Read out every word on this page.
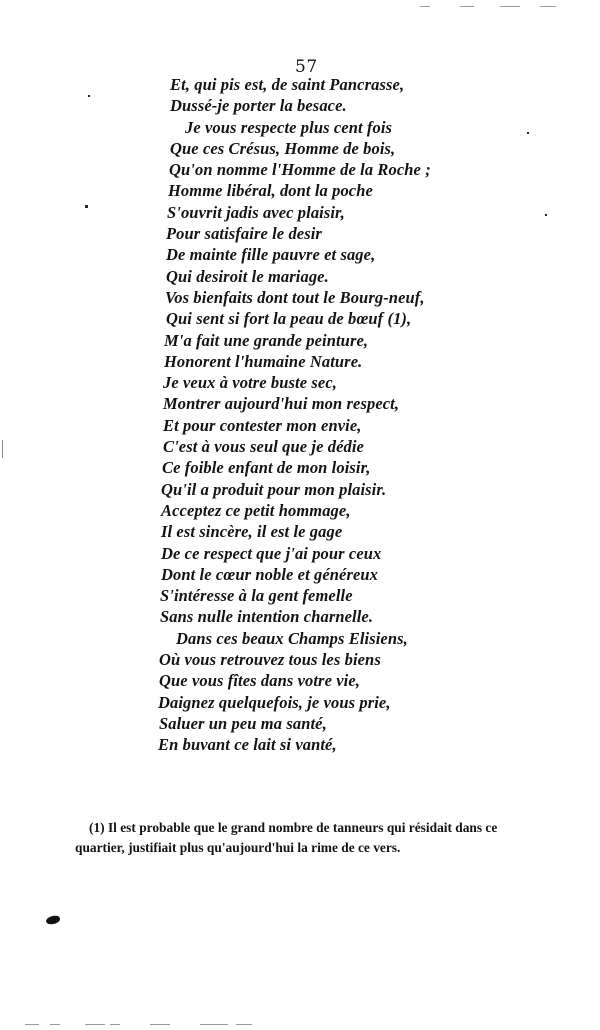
57
Et, qui pis est, de saint Pancrasse,
Dussé-je porter la besace.
Je vous respecte plus cent fois
Que ces Crésus, Homme de bois,
Qu'on nomme l'Homme de la Roche ;
Homme libéral, dont la poche
S'ouvrit jadis avec plaisir,
Pour satisfaire le desir
De mainte fille pauvre et sage,
Qui desiroit le mariage.
Vos bienfaits dont tout le Bourg-neuf,
Qui sent si fort la peau de bœuf (1),
M'a fait une grande peinture,
Honorent l'humaine Nature.
Je veux à votre buste sec,
Montrer aujourd'hui mon respect,
Et pour contester mon envie,
C'est à vous seul que je dédie
Ce foible enfant de mon loisir,
Qu'il a produit pour mon plaisir.
Acceptez ce petit hommage,
Il est sincère, il est le gage
De ce respect que j'ai pour ceux
Dont le cœur noble et généreux
S'intéresse à la gent femelle
Sans nulle intention charnelle.
Dans ces beaux Champs Elisiens,
Où vous retrouvez tous les biens
Que vous fîtes dans votre vie,
Daignez quelquefois, je vous prie,
Saluer un peu ma santé,
En buvant ce lait si vanté,

(1) Il est probable que le grand nombre de tanneurs qui résidait dans ce

quartier, justifiait plus qu'aujourd'hui la rime de ce vers.
